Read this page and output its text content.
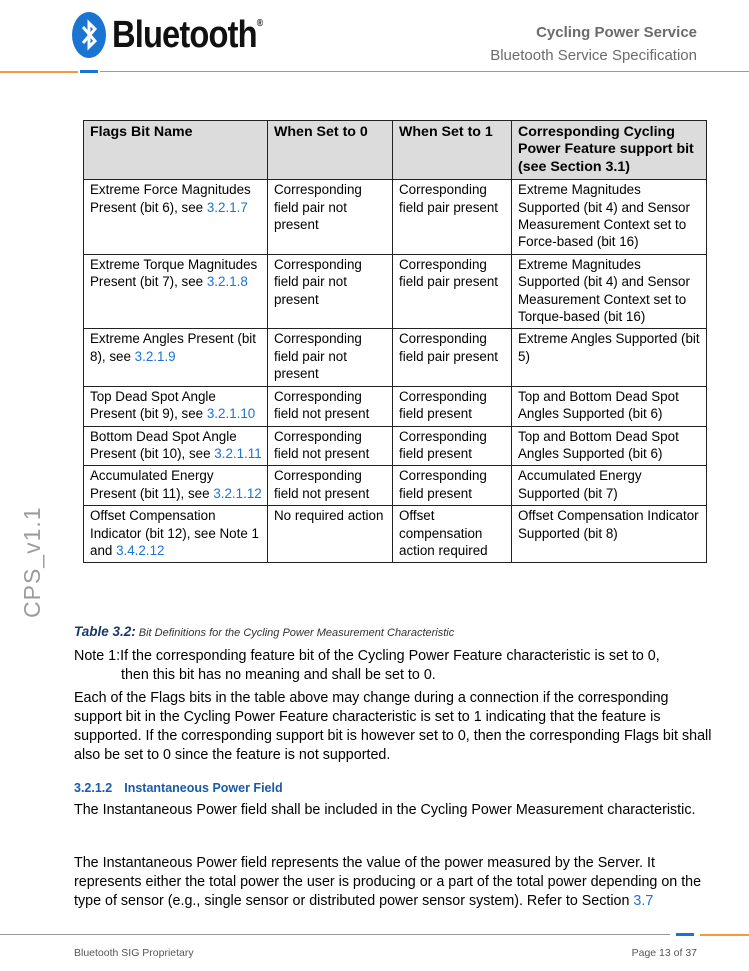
Bluetooth®
Cycling Power Service
Bluetooth Service Specification
CPS_v1.1
Flags Bit Name	When Set to 0	When Set to 1	Corresponding Cycling Power Feature support bit (see Section 3.1)
Extreme Force Magnitudes Present (bit 6), see 3.2.1.7	Corresponding field pair not present	Corresponding field pair present	Extreme Magnitudes Supported (bit 4) and Sensor Measurement Context set to Force-based (bit 16)
Extreme Torque Magnitudes Present (bit 7), see 3.2.1.8	Corresponding field pair not present	Corresponding field pair present	Extreme Magnitudes Supported (bit 4) and Sensor Measurement Context set to Torque-based (bit 16)
Extreme Angles Present (bit 8), see 3.2.1.9	Corresponding field pair not present	Corresponding field pair present	Extreme Angles Supported (bit 5)
Top Dead Spot Angle Present (bit 9), see 3.2.1.10	Corresponding field not present	Corresponding field present	Top and Bottom Dead Spot Angles Supported (bit 6)
Bottom Dead Spot Angle Present (bit 10), see 3.2.1.11	Corresponding field not present	Corresponding field present	Top and Bottom Dead Spot Angles Supported (bit 6)
Accumulated Energy Present (bit 11), see 3.2.1.12	Corresponding field not present	Corresponding field present	Accumulated Energy Supported (bit 7)
Offset Compensation Indicator (bit 12), see Note 1 and 3.4.2.12	No required action	Offset compensation action required	Offset Compensation Indicator Supported (bit 8)
Table 3.2: Bit Definitions for the Cycling Power Measurement Characteristic
Note 1:If the corresponding feature bit of the Cycling Power Feature characteristic is set to 0,
then this bit has no meaning and shall be set to 0.
Each of the Flags bits in the table above may change during a connection if the corresponding support bit in the Cycling Power Feature characteristic is set to 1 indicating that the feature is supported. If the corresponding support bit is however set to 0, then the corresponding Flags bit shall also be set to 0 since the feature is not supported.
3.2.1.2 Instantaneous Power Field
The Instantaneous Power field shall be included in the Cycling Power Measurement characteristic.
The Instantaneous Power field represents the value of the power measured by the Server. It represents either the total power the user is producing or a part of the total power depending on the type of sensor (e.g., single sensor or distributed power sensor system). Refer to Section 3.7
Bluetooth SIG Proprietary	Page 13 of 37
